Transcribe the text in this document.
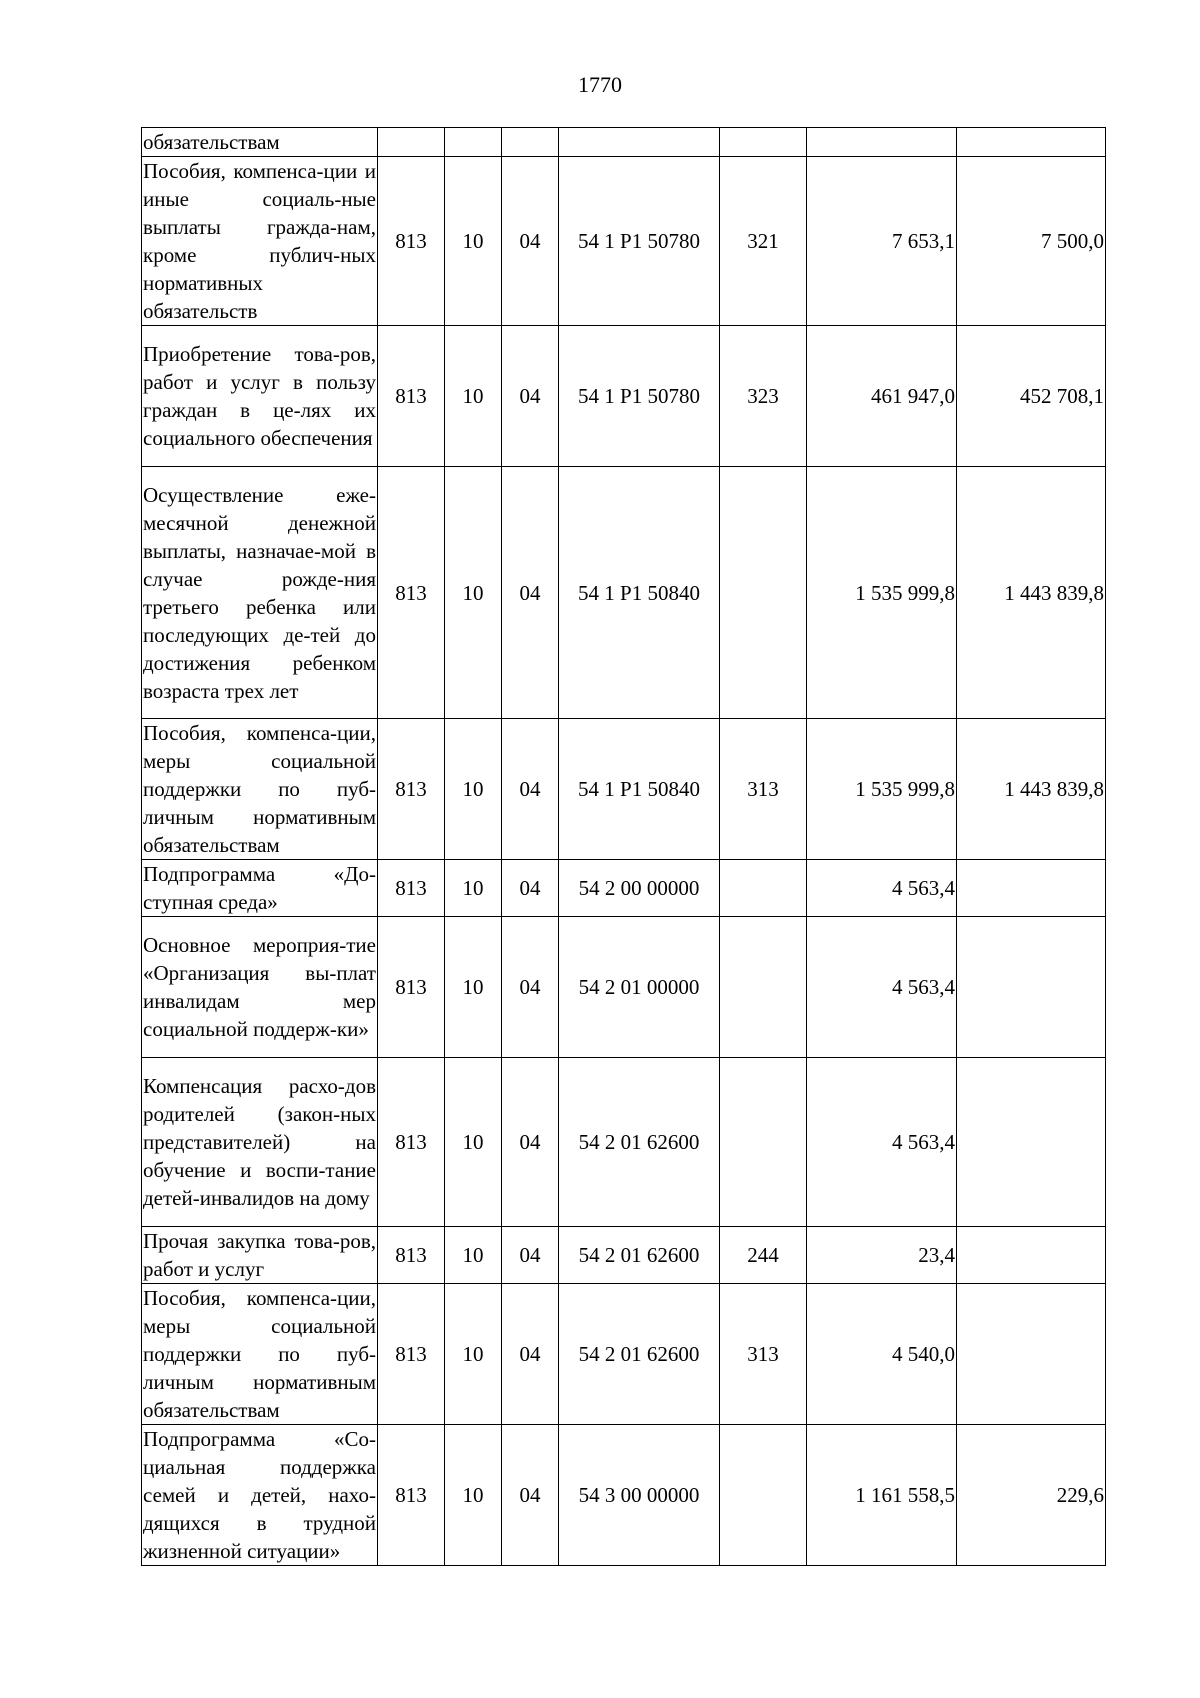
1770
обязательствам							
Пособия, компенса-ции и иные социаль-ные выплаты гражда-нам, кроме публич-ных нормативных обязательств	813	10	04	54 1 P1 50780	321	7 653,1	7 500,0
Приобретение това-ров, работ и услуг в пользу граждан в це-лях их социального обеспечения	813	10	04	54 1 P1 50780	323	461 947,0	452 708,1
Осуществление еже-месячной денежной выплаты, назначае-мой в случае рожде-ния третьего ребенка или последующих де-тей до достижения ребенком возраста трех лет	813	10	04	54 1 P1 50840		1 535 999,8	1 443 839,8
Пособия, компенса-ции, меры социальной поддержки по пуб-личным нормативным обязательствам	813	10	04	54 1 P1 50840	313	1 535 999,8	1 443 839,8
Подпрограмма «До-ступная среда»	813	10	04	54 2 00 00000		4 563,4	
Основное мероприя-тие «Организация вы-плат инвалидам мер социальной поддерж-ки»	813	10	04	54 2 01 00000		4 563,4	
Компенсация расхо-дов родителей (закон-ных представителей) на обучение и воспи-тание детей-инвалидов на дому	813	10	04	54 2 01 62600		4 563,4	
Прочая закупка това-ров, работ и услуг	813	10	04	54 2 01 62600	244	23,4	
Пособия, компенса-ции, меры социальной поддержки по пуб-личным нормативным обязательствам	813	10	04	54 2 01 62600	313	4 540,0	
Подпрограмма «Со-циальная поддержка семей и детей, нахо-дящихся в трудной жизненной ситуации»	813	10	04	54 3 00 00000		1 161 558,5	229,6
